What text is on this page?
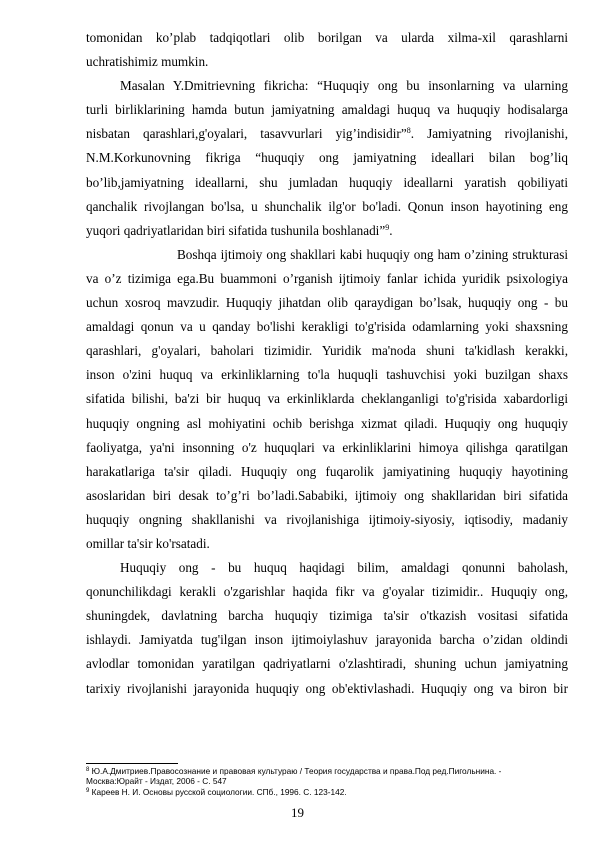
tomonidan ko’plab tadqiqotlari olib borilgan va ularda xilma-xil qarashlarni

uchratishimiz mumkin.

Masalan Y.Dmitrievning fikricha: “Huquqiy ong bu insonlarning va ularning

turli birliklarining hamda butun jamiyatning amaldagi huquq va huquqiy hodisalarga

nisbatan qarashlari,g'oyalari, tasavvurlari yig’indisidir”$^8$. Jamiyatning rivojlanishi,

N.M.Korkunovning fikriga “huquqiy ong jamiyatning ideallari bilan bog’liq

bo’lib,jamiyatning ideallarni, shu jumladan huquqiy ideallarni yaratish qobiliyati

qanchalik rivojlangan bo'lsa, u shunchalik ilg'or bo'ladi. Qonun inson hayotining eng

yuqori qadriyatlaridan biri sifatida tushunila boshlanadi”$^9$.

Boshqa ijtimoiy ong shakllari kabi huquqiy ong ham o’zining strukturasi

va o’z tizimiga ega.Bu buammoni o’rganish ijtimoiy fanlar ichida yuridik psixologiya

uchun xosroq mavzudir. Huquqiy jihatdan olib qaraydigan bo’lsak, huquqiy ong - bu

amaldagi qonun va u qanday bo'lishi kerakligi to'g'risida odamlarning yoki shaxsning

qarashlari, g'oyalari, baholari tizimidir. Yuridik ma'noda shuni ta'kidlash kerakki,

inson o'zini huquq va erkinliklarning to'la huquqli tashuvchisi yoki buzilgan shaxs

sifatida bilishi, ba'zi bir huquq va erkinliklarda cheklanganligi to'g'risida xabardorligi

huquqiy ongning asl mohiyatini ochib berishga xizmat qiladi. Huquqiy ong huquqiy

faoliyatga, ya'ni insonning o'z huquqlari va erkinliklarini himoya qilishga qaratilgan

harakatlariga ta'sir qiladi. Huquqiy ong fuqarolik jamiyatining huquqiy hayotining

asoslaridan biri desak to’g’ri bo’ladi.Sababiki, ijtimoiy ong shakllaridan biri sifatida

huquqiy ongning shakllanishi va rivojlanishiga ijtimoiy-siyosiy, iqtisodiy, madaniy

omillar ta'sir ko'rsatadi.

Huquqiy ong - bu huquq haqidagi bilim, amaldagi qonunni baholash,

qonunchilikdagi kerakli o'zgarishlar haqida fikr va g'oyalar tizimidir.. Huquqiy ong,

shuningdek, davlatning barcha huquqiy tizimiga ta'sir o'tkazish vositasi sifatida

ishlaydi. Jamiyatda tug'ilgan inson ijtimoiylashuv jarayonida barcha o’zidan oldindi

avlodlar tomonidan yaratilgan qadriyatlarni o'zlashtiradi, shuning uchun jamiyatning

tarixiy rivojlanishi jarayonida huquqiy ong ob'ektivlashadi. Huquqiy ong va biron bir

$^8$ Ю.А.Дмитриев.Правосознание и правовая культураю / Теория государства и права.Под ред.Пигольнина. -

Москва:Юрайт - Издат, 2006 - С. 547

$^9$ Кареев Н. И. Основы русской социологии. СПб., 1996. С. 123-142.

19
